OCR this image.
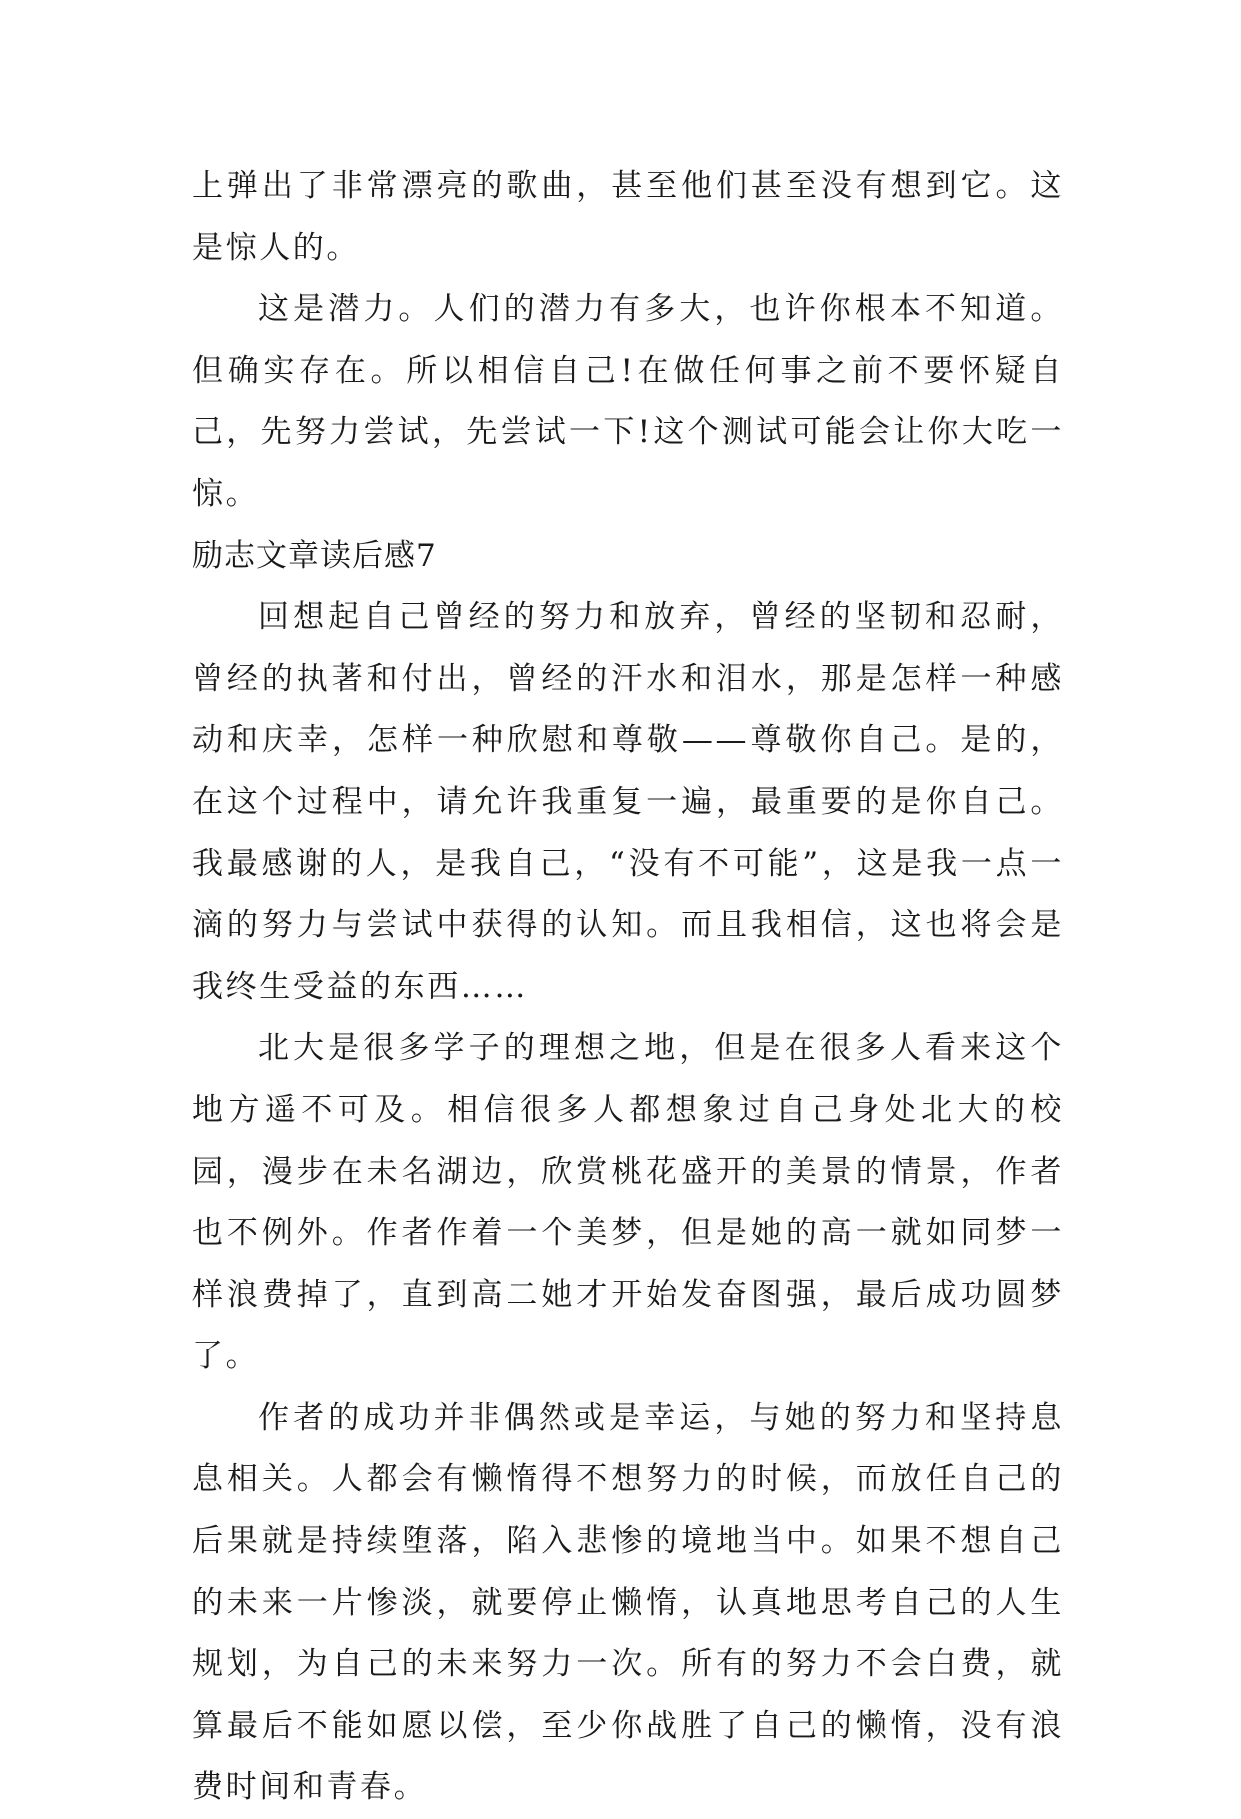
上弹出了非常漂亮的歌曲，甚至他们甚至没有想到它。这是惊人的。

这是潜力。人们的潜力有多大，也许你根本不知道。但确实存在。所以相信自己!在做任何事之前不要怀疑自己，先努力尝试，先尝试一下!这个测试可能会让你大吃一惊。

励志文章读后感7

回想起自己曾经的努力和放弃，曾经的坚韧和忍耐，曾经的执著和付出，曾经的汗水和泪水，那是怎样一种感动和庆幸，怎样一种欣慰和尊敬——尊敬你自己。是的，在这个过程中，请允许我重复一遍，最重要的是你自己。我最感谢的人，是我自己，“没有不可能”，这是我一点一滴的努力与尝试中获得的认知。而且我相信，这也将会是我终生受益的东西……

北大是很多学子的理想之地，但是在很多人看来这个地方遥不可及。相信很多人都想象过自己身处北大的校园，漫步在未名湖边，欣赏桃花盛开的美景的情景，作者也不例外。作者作着一个美梦，但是她的高一就如同梦一样浪费掉了，直到高二她才开始发奋图强，最后成功圆梦了。

作者的成功并非偶然或是幸运，与她的努力和坚持息息相关。人都会有懒惰得不想努力的时候，而放任自己的后果就是持续堕落，陷入悲惨的境地当中。如果不想自己的未来一片惨淡，就要停止懒惰，认真地思考自己的人生规划，为自己的未来努力一次。所有的努力不会白费，就算最后不能如愿以偿，至少你战胜了自己的懒惰，没有浪费时间和青春。
